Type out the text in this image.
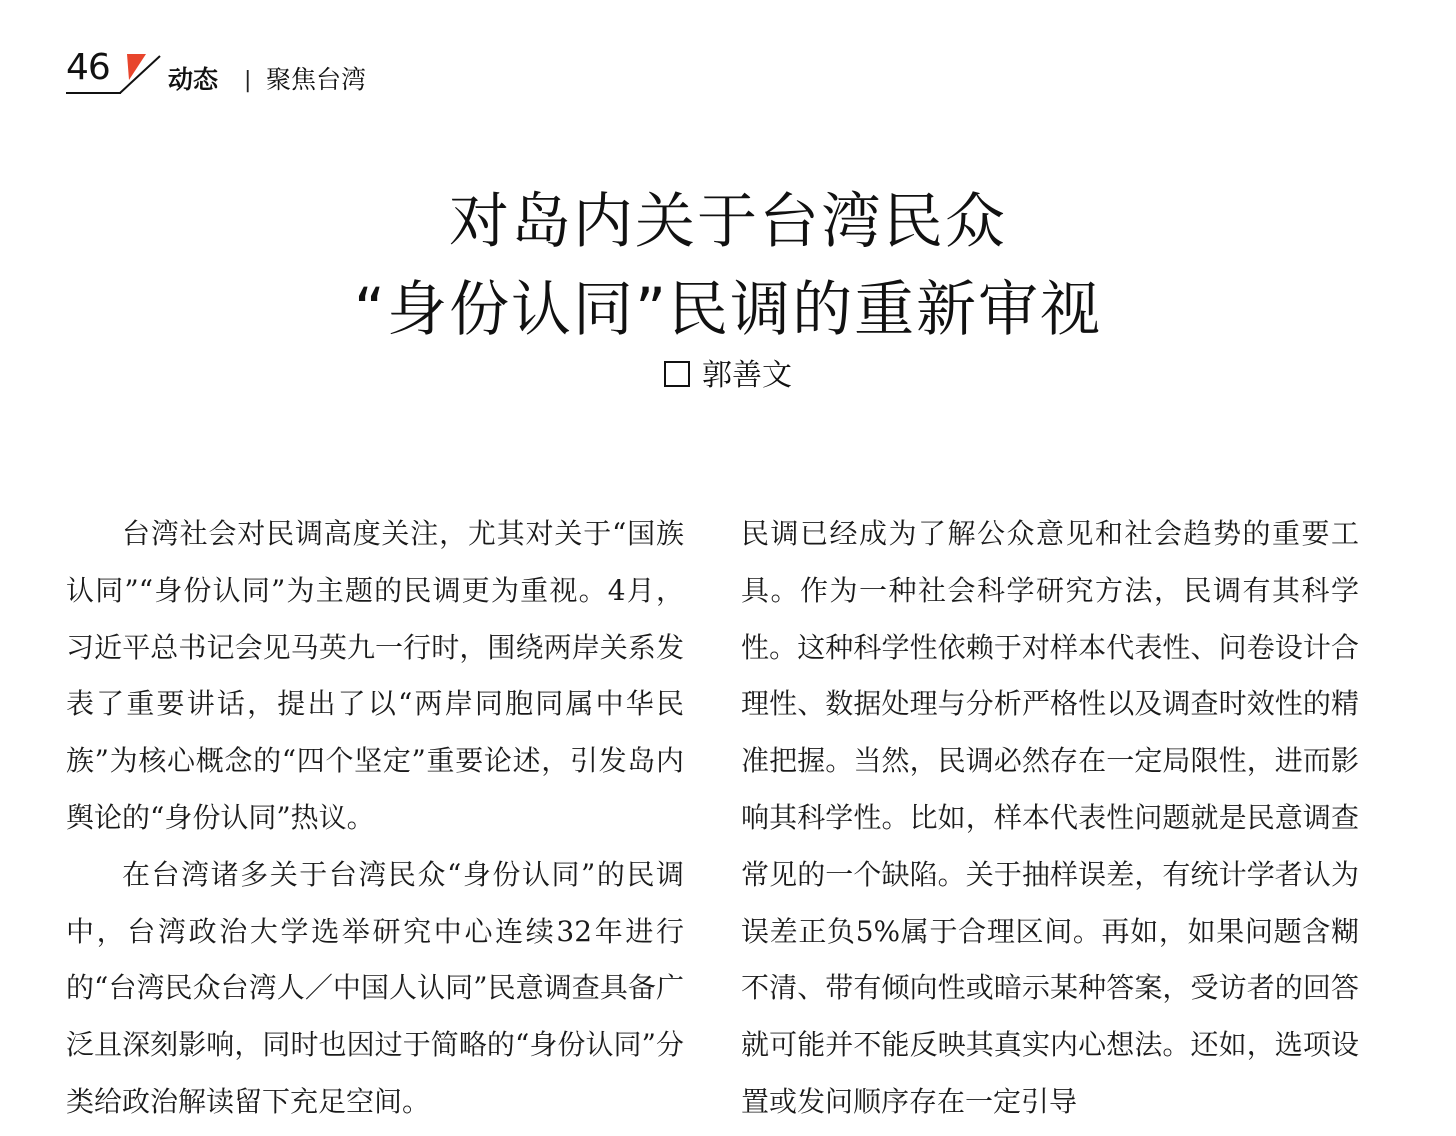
46 动态 | 聚焦台湾
对岛内关于台湾民众
“身份认同”民调的重新审视
郭善文

台湾社会对民调高度关注，尤其对关于“国族认同”“身份认同”为主题的民调更为重视。4月，习近平总书记会见马英九一行时，围绕两岸关系发表了重要讲话，提出了以“两岸同胞同属中华民族”为核心概念的“四个坚定”重要论述，引发岛内舆论的“身份认同”热议。

在台湾诸多关于台湾民众“身份认同”的民调中，台湾政治大学选举研究中心连续32年进行的“台湾民众台湾人／中国人认同”民意调查具备广泛且深刻影响，同时也因过于简略的“身份认同”分类给政治解读留下充足空间。

民调已经成为了解公众意见和社会趋势的重要工具。作为一种社会科学研究方法，民调有其科学性。这种科学性依赖于对样本代表性、问卷设计合理性、数据处理与分析严格性以及调查时效性的精准把握。当然，民调必然存在一定局限性，进而影响其科学性。比如，样本代表性问题就是民意调查常见的一个缺陷。关于抽样误差，有统计学者认为误差正负5%属于合理区间。再如，如果问题含糊不清、带有倾向性或暗示某种答案，受访者的回答就可能并不能反映其真实内心想法。还如，选项设置或发问顺序存在一定引导
